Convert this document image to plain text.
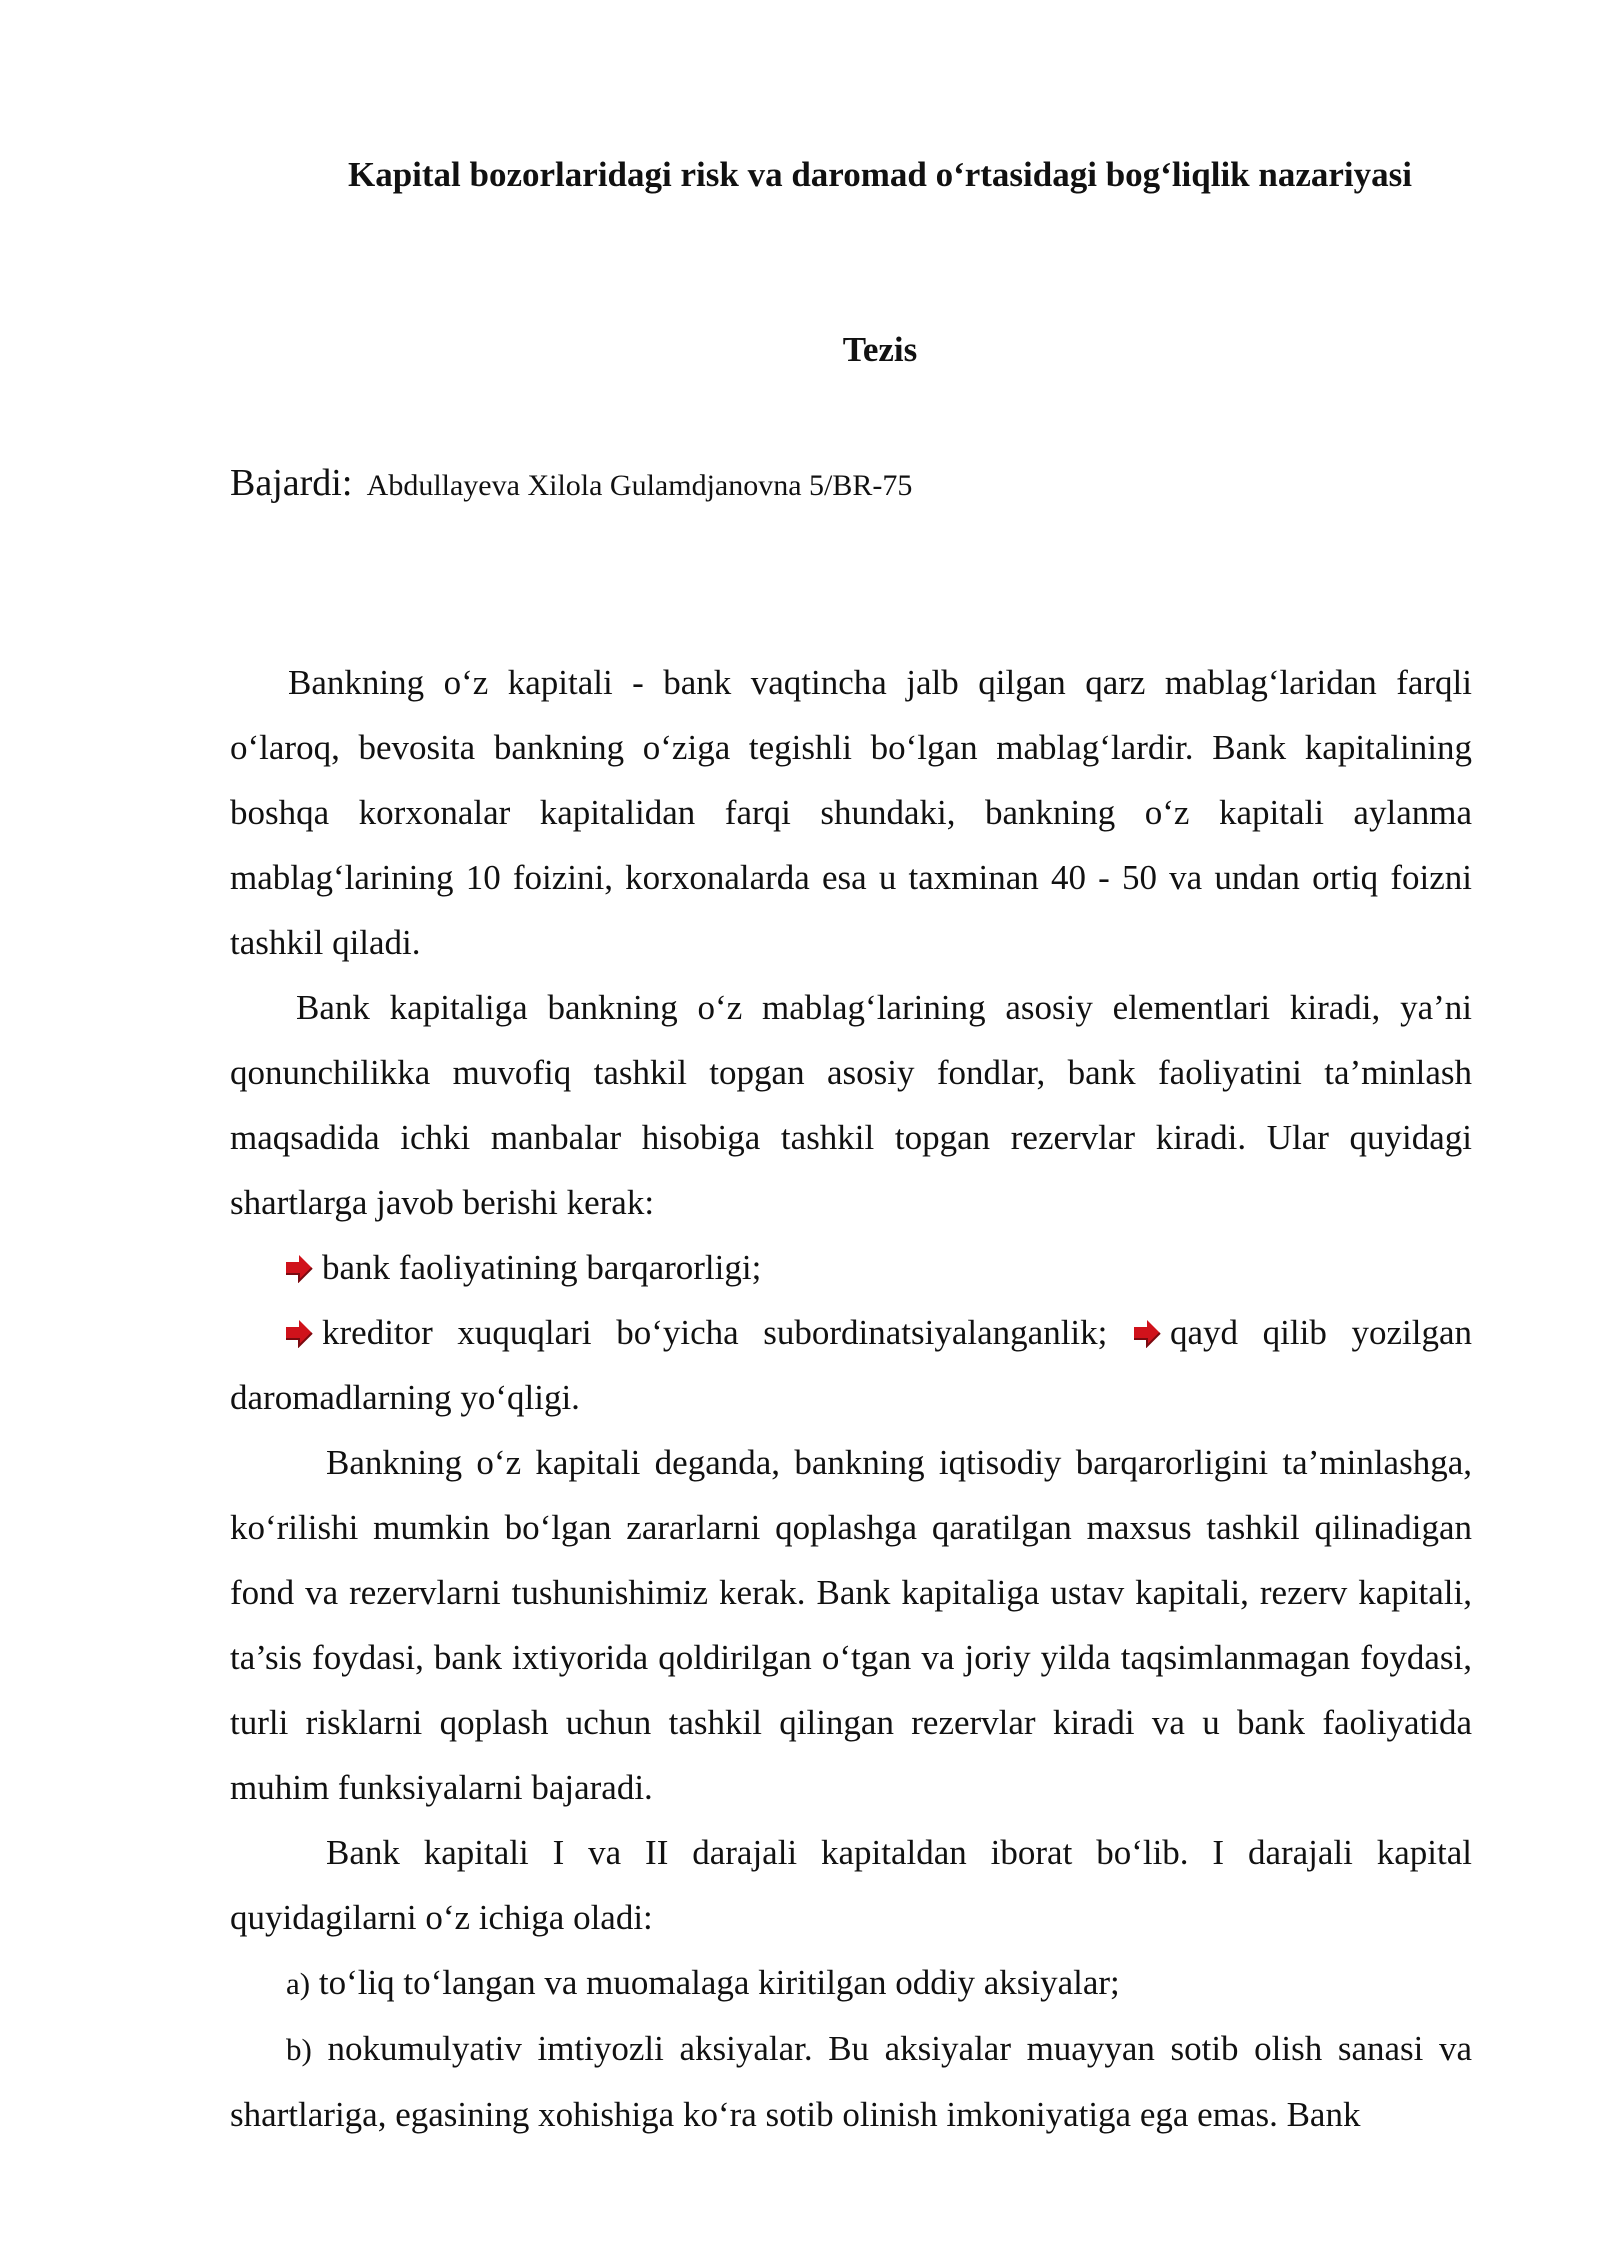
Kapital bozorlaridagi risk va daromad o‘rtasidagi bog‘liqlik nazariyasi
Tezis
Bajardi: Abdullayeva Xilola Gulamdjanovna 5/BR-75

Bankning o‘z kapitali - bank vaqtincha jalb qilgan qarz mablag‘laridan farqli o‘laroq, bevosita bankning o‘ziga tegishli bo‘lgan mablag‘lardir. Bank kapitalining boshqa korxonalar kapitalidan farqi shundaki, bankning o‘z kapitali aylanma mablag‘larining 10 foizini, korxonalarda esa u taxminan 40 - 50 va undan ortiq foizni tashkil qiladi.

Bank kapitaliga bankning o‘z mablag‘larining asosiy elementlari kiradi, ya’ni qonunchilikka muvofiq tashkil topgan asosiy fondlar, bank faoliyatini ta’minlash maqsadida ichki manbalar hisobiga tashkil topgan rezervlar kiradi. Ular quyidagi shartlarga javob berishi kerak:

bank faoliyatining barqarorligi;

kreditor xuquqlari bo‘yicha subordinatsiyalanganlik; qayd qilib yozilgan daromadlarning yo‘qligi.

Bankning o‘z kapitali deganda, bankning iqtisodiy barqarorligini ta’minlashga, ko‘rilishi mumkin bo‘lgan zararlarni qoplashga qaratilgan maxsus tashkil qilinadigan fond va rezervlarni tushunishimiz kerak. Bank kapitaliga ustav kapitali, rezerv kapitali, ta’sis foydasi, bank ixtiyorida qoldirilgan o‘tgan va joriy yilda taqsimlanmagan foydasi, turli risklarni qoplash uchun tashkil qilingan rezervlar kiradi va u bank faoliyatida muhim funksiyalarni bajaradi.

Bank kapitali I va II darajali kapitaldan iborat bo‘lib. I darajali kapital quyidagilarni o‘z ichiga oladi:

a) to‘liq to‘langan va muomalaga kiritilgan oddiy aksiyalar;

b) nokumulyativ imtiyozli aksiyalar. Bu aksiyalar muayyan sotib olish sanasi va shartlariga, egasining xohishiga ko‘ra sotib olinish imkoniyatiga ega emas. Bank
